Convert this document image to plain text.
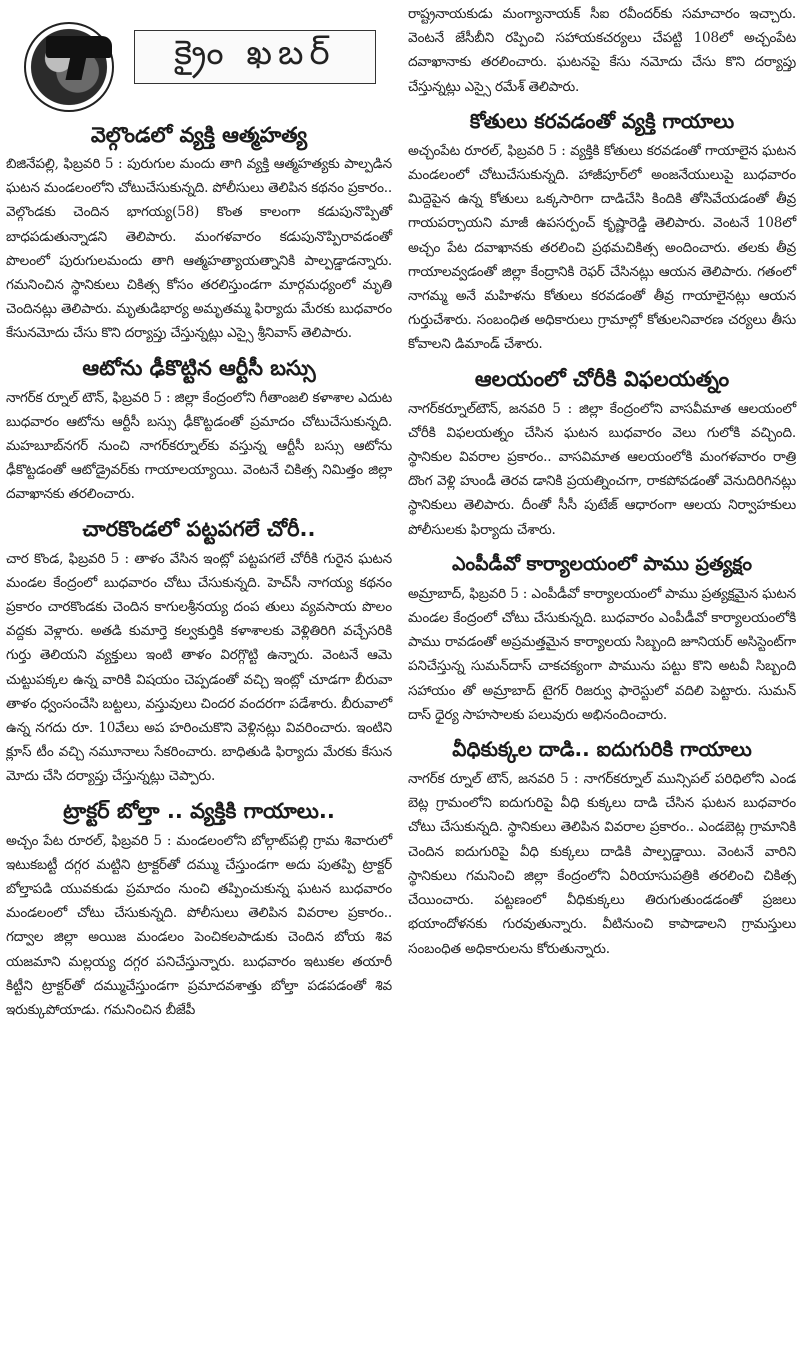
క్రైం ఖబర్
వెల్గొండలో వ్యక్తి ఆత్మహత్య

బిజినేపల్లి, ఫిబ్రవరి 5 : పురుగుల మందు తాగి వ్యక్తి ఆత్మహత్యకు పాల్పడిన ఘటన మండలంలోని చోటుచేసుకున్నది. పోలీసులు తెలిపిన కథనం ప్రకారం.. వెల్గొండకు చెందిన భాగయ్య(58) కొంత కాలంగా కడుపునొప్పితో బాధపడుతున్నాడని తెలిపారు. మంగళవారం కడుపునొప్పిరావడంతో పొలంలో పురుగులమందు తాగి ఆత్మహత్యాయత్నానికి పాల్పడ్డాడన్నారు. గమనించిన స్థానికులు చికిత్స కోసం తరలిస్తుండగా మార్గమధ్యంలో మృతి చెందినట్లు తెలిపారు. మృతుడిభార్య అమృతమ్మ ఫిర్యాదు మేరకు బుధవారం కేసునమోదు చేసు కొని దర్యాప్తు చేస్తున్నట్లు ఎస్సై శ్రీనివాస్ తెలిపారు.

ఆటోను ఢీకొట్టిన ఆర్టీసీ బస్సు

నాగర్‌క ర్నూల్ టౌన్, ఫిబ్రవరి 5 : జిల్లా కేంద్రంలోని గీతాంజలి కళాశాల ఎదుట బుధవారం ఆటోను ఆర్టీసీ బస్సు ఢీకొట్టడంతో ప్రమాదం చోటుచేసుకున్నది. మహబూబ్‌నగర్ నుంచి నాగర్‌కర్నూల్‌కు వస్తున్న ఆర్టీసీ బస్సు ఆటోను ఢీకొట్టడంతో ఆటోడ్రైవర్‌కు గాయాలయ్యాయి. వెంటనే చికిత్స నిమిత్తం జిల్లా దవాఖానకు తరలించారు.

చారకొండలో పట్టపగలే చోరీ..

చార కొండ, ఫిబ్రవరి 5 : తాళం వేసిన ఇంట్లో పట్టపగలే చోరీకి గురైన ఘటన మండల కేంద్రంలో బుధవారం చోటు చేసుకున్నది. హెచ్‌సీ నాగయ్య కథనం ప్రకారం చారకొండకు చెందిన కాగులశ్రీనయ్య దంప తులు వ్యవసాయ పొలం వద్దకు వెళ్లారు. అతడి కుమార్తె కల్వకుర్తికి కళాశాలకు వెళ్లితిరిగి వచ్చేసరికి గుర్తు తెలియని వ్యక్తులు ఇంటి తాళం విరగ్గొట్టి ఉన్నారు. వెంటనే ఆమె చుట్టుపక్కల ఉన్న వారికి విషయం చెప్పడంతో వచ్చి ఇంట్లో చూడగా బీరువా తాళం ధ్వంసంచేసి బట్టలు, వస్తువులు చిందర వందరగా పడేశారు. బీరువాలో ఉన్న నగదు రూ. 10వేలు అప హరించుకొని వెళ్లినట్లు వివరించారు. ఇంటిని క్లూస్ టీం వచ్చి నమూనాలు సేకరించారు. బాధితుడి ఫిర్యాదు మేరకు కేసున మోదు చేసి దర్యాప్తు చేస్తున్నట్లు చెప్పారు.

ట్రాక్టర్ బోల్తా .. వ్యక్తికి గాయాలు..

అచ్చం పేట రూరల్, ఫిబ్రవరి 5 : మండలంలోని బోల్గాట్‌పల్లి గ్రామ శివారులో ఇటుకబట్టీ దగ్గర మట్టిని ట్రాక్టర్‌తో దమ్ము చేస్తుండగా అదు పుతప్పి ట్రాక్టర్ బోల్తాపడి యువకుడు ప్రమాదం నుంచి తప్పించుకున్న ఘటన బుధవారం మండలంలో చోటు చేసుకున్నది. పోలీసులు తెలిపిన వివరాల ప్రకారం.. గద్వాల జిల్లా అయిజ మండలం పెంచికలపాడుకు చెందిన బోయ శివ యజమాని మల్లయ్య దగ్గర పనిచేస్తున్నారు. బుధవారం ఇటుకల తయారీ కిట్టీని ట్రాక్టర్‌తో దమ్ముచేస్తుండగా ప్రమాదవశాత్తు బోల్తా పడపడంతో శివ ఇరుక్కుపోయాడు. గమనించిన బీజేపీ

రాష్ట్రనాయకుడు మంగ్యానాయక్ సీఐ రవీందర్‌కు సమాచారం ఇచ్చారు. వెంటనే జేసీబీని రప్పించి సహాయకచర్యలు చేపట్టి 108లో అచ్చంపేట దవాఖానాకు తరలించారు. ఘటనపై కేసు నమోదు చేసు కొని దర్యాప్తు చేస్తున్నట్లు ఎస్సై రమేశ్ తెలిపారు.

కోతులు కరవడంతో వ్యక్తి గాయాలు

అచ్చంపేట రూరల్, ఫిబ్రవరి 5 : వ్యక్తికి కోతులు కరవడంతో గాయాలైన ఘటన మండలంలో చోటుచేసుకున్నది. హాజీపూర్‌లో అంజనేయులుపై బుధవారం మిద్దెపైన ఉన్న కోతులు ఒక్కసారిగా దాడిచేసి కిందికి తోసివేయడంతో తీవ్ర గాయపర్చాయని మాజీ ఉపసర్పంచ్ కృష్ణారెడ్డి తెలిపారు. వెంటనే 108లో అచ్చం పేట దవాఖానకు తరలించి ప్రథమచికిత్స అందించారు. తలకు తీవ్ర గాయాలవ్వడంతో జిల్లా కేంద్రానికి రెఫర్ చేసినట్లు ఆయన తెలిపారు. గతంలో నాగమ్మ అనే మహిళను కోతులు కరవడంతో తీవ్ర గాయాలైనట్లు ఆయన గుర్తుచేశారు. సంబంధిత అధికారులు గ్రామాల్లో కోతులనివారణ చర్యలు తీసు కోవాలని డిమాండ్ చేశారు.

ఆలయంలో చోరీకి విఫలయత్నం

నాగర్‌కర్నూల్‌టౌన్, జనవరి 5 : జిల్లా కేంద్రంలోని వాసవీమాత ఆలయంలో చోరీకి విఫలయత్నం చేసిన ఘటన బుధవారం వెలు గులోకి వచ్చింది. స్థానికుల వివరాల ప్రకారం.. వాసవిమాత ఆలయంలోకి మంగళవారం రాత్రి దొంగ వెళ్లి హుండీ తెరవ డానికి ప్రయత్నించగా, రాకపోవడంతో వెనుదిరిగినట్లు స్థానికులు తెలిపారు. దీంతో సీసీ పుటేజ్ ఆధారంగా ఆలయ నిర్వాహకులు పోలీసులకు ఫిర్యాదు చేశారు.

ఎంపీడీవో కార్యాలయంలో పాము ప్రత్యక్షం

అమ్రాబాద్, ఫిబ్రవరి 5 : ఎంపీడీవో కార్యాలయంలో పాము ప్రత్యక్షమైన ఘటన మండల కేంద్రంలో చోటు చేసుకున్నది. బుధవారం ఎంపీడీవో కార్యాలయంలోకి పాము రావడంతో అప్రమత్తమైన కార్యాలయ సిబ్బంది జూనియర్ అసిస్టెంట్‌గా పనిచేస్తున్న సుమన్‌దాస్ చాకచక్యంగా పామును పట్టు కొని అటవీ సిబ్బంది సహాయం తో అమ్రాబాద్ టైగర్ రిజర్వు ఫారెస్టులో వదిలి పెట్టారు. సుమన్ దాస్ ధైర్య సాహసాలకు పలువురు అభినందించారు.

వీధికుక్కల దాడి.. ఐదుగురికి గాయాలు

నాగర్‌క ర్నూల్ టౌన్, జనవరి 5 : నాగర్‌కర్నూల్ మున్సిపల్ పరిధిలోని ఎండ బెట్ల గ్రామంలోని ఐదుగురిపై వీధి కుక్కలు దాడి చేసిన ఘటన బుధవారం చోటు చేసుకున్నది. స్థానికులు తెలిపిన వివరాల ప్రకారం.. ఎండబెట్ల గ్రామానికి చెందిన ఐదుగురిపై వీధి కుక్కలు దాడికి పాల్పడ్డాయి. వెంటనే వారిని స్థానికులు గమనించి జిల్లా కేంద్రంలోని ఏరియాసుపత్రికి తరలించి చికిత్స చేయించారు. పట్టణంలో వీధికుక్కలు తిరుగుతుండడంతో ప్రజలు భయాందోళనకు గురవుతున్నారు. వీటినుంచి కాపాడాలని గ్రామస్తులు సంబంధిత అధికారులను కోరుతున్నారు.
